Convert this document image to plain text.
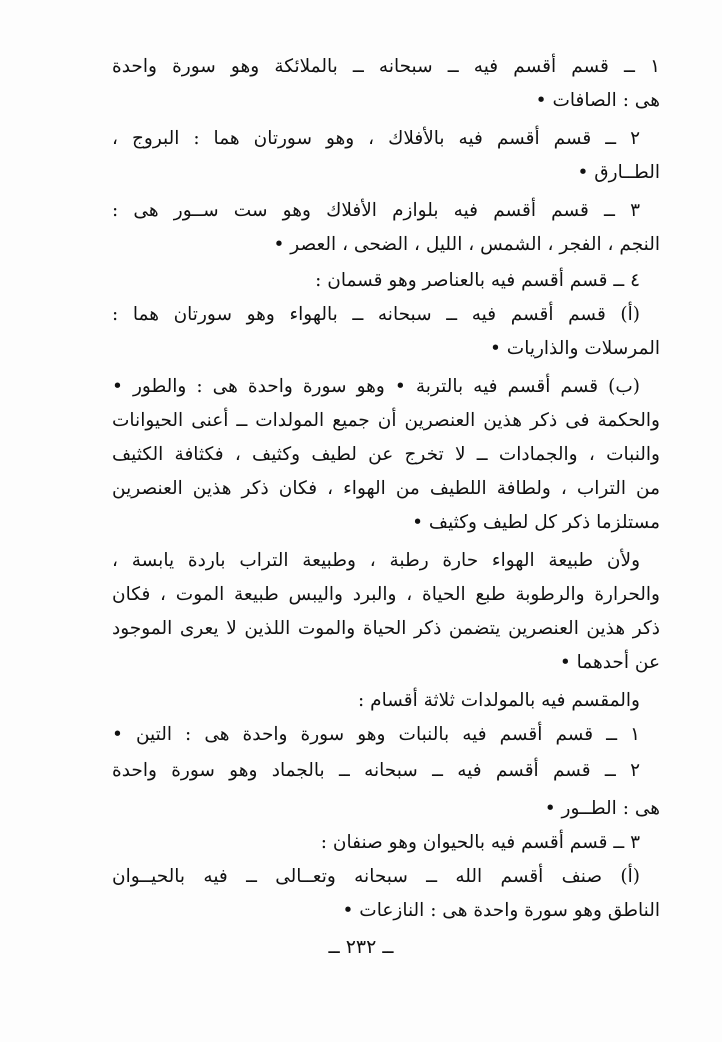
١ ــ قسم أقسم فيه ــ سبحانه ــ بالملائكة وهو سورة واحدة
هى : الصافات •
٢ ــ قسم أقسم فيه بالأفلاك ، وهو سورتان هما : البروج ،
الطــارق •
٣ ــ قسم أقسم فيه بلوازم الأفلاك وهو ست ســور هى :
النجم ، الفجر ، الشمس ، الليل ، الضحى ، العصر •
٤ ــ قسم أقسم فيه بالعناصر وهو قسمان :
(أ) قسم أقسم فيه ــ سبحانه ــ بالهواء وهو سورتان هما :
المرسلات والذاريات •
(ب) قسم أقسم فيه بالتربة • وهو سورة واحدة هى : والطور •
والحكمة فى ذكر هذين العنصرين أن جميع المولدات ــ أعنى الحيوانات
والنبات ، والجمادات ــ لا تخرج عن لطيف وكثيف ، فكثافة الكثيف
من التراب ، ولطافة اللطيف من الهواء ، فكان ذكر هذين العنصرين
مستلزما ذكر كل لطيف وكثيف •
ولأن طبيعة الهواء حارة رطبة ، وطبيعة التراب باردة يابسة ،
والحرارة والرطوبة طبع الحياة ، والبرد واليبس طبيعة الموت ، فكان
ذكر هذين العنصرين يتضمن ذكر الحياة والموت اللذين لا يعرى الموجود
عن أحدهما •
والمقسم فيه بالمولدات ثلاثة أقسام :
١ ــ قسم أقسم فيه بالنبات وهو سورة واحدة هى : التين •
٢ ــ قسم أقسم فيه ــ سبحانه ــ بالجماد وهو سورة واحدة
هى : الطــور •
٣ ــ قسم أقسم فيه بالحيوان وهو صنفان :
(أ) صنف أقسم الله ــ سبحانه وتعــالى ــ فيه بالحيــوان
الناطق وهو سورة واحدة هى : النازعات •
ــ ٢٣٢ ــ
